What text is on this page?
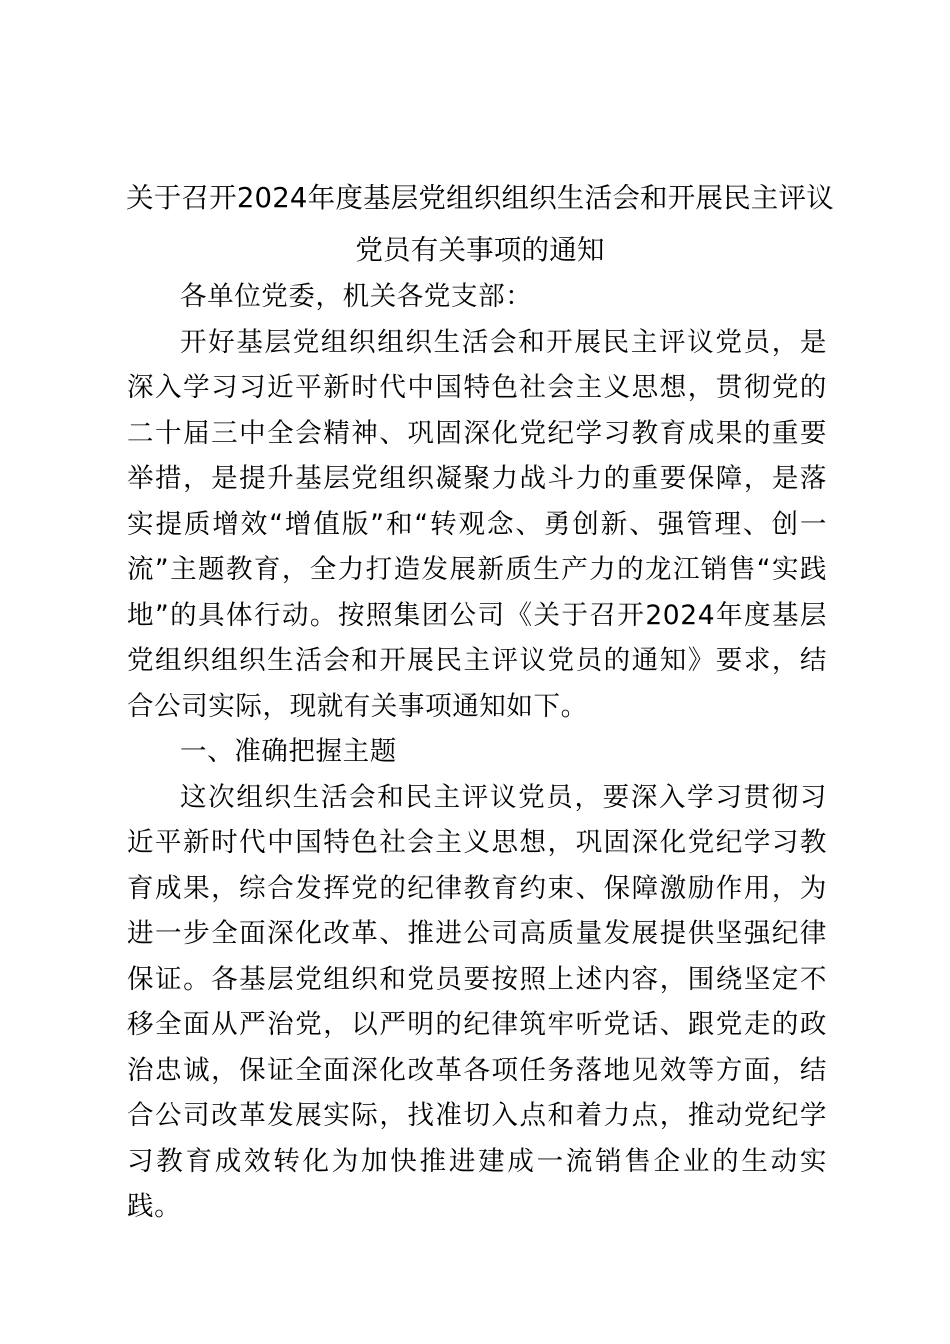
关于召开2024年度基层党组织组织生活会和开展民主评议党员有关事项的通知

各单位党委，机关各党支部：

开好基层党组织组织生活会和开展民主评议党员，是深入学习习近平新时代中国特色社会主义思想，贯彻党的二十届三中全会精神、巩固深化党纪学习教育成果的重要举措，是提升基层党组织凝聚力战斗力的重要保障，是落实提质增效“增值版”和“转观念、勇创新、强管理、创一流”主题教育，全力打造发展新质生产力的龙江销售“实践地”的具体行动。按照集团公司《关于召开2024年度基层党组织组织生活会和开展民主评议党员的通知》要求，结合公司实际，现就有关事项通知如下。

一、准确把握主题

这次组织生活会和民主评议党员，要深入学习贯彻习近平新时代中国特色社会主义思想，巩固深化党纪学习教育成果，综合发挥党的纪律教育约束、保障激励作用，为进一步全面深化改革、推进公司高质量发展提供坚强纪律保证。各基层党组织和党员要按照上述内容，围绕坚定不移全面从严治党，以严明的纪律筑牢听党话、跟党走的政治忠诚，保证全面深化改革各项任务落地见效等方面，结合公司改革发展实际，找准切入点和着力点，推动党纪学习教育成效转化为加快推进建成一流销售企业的生动实践。
